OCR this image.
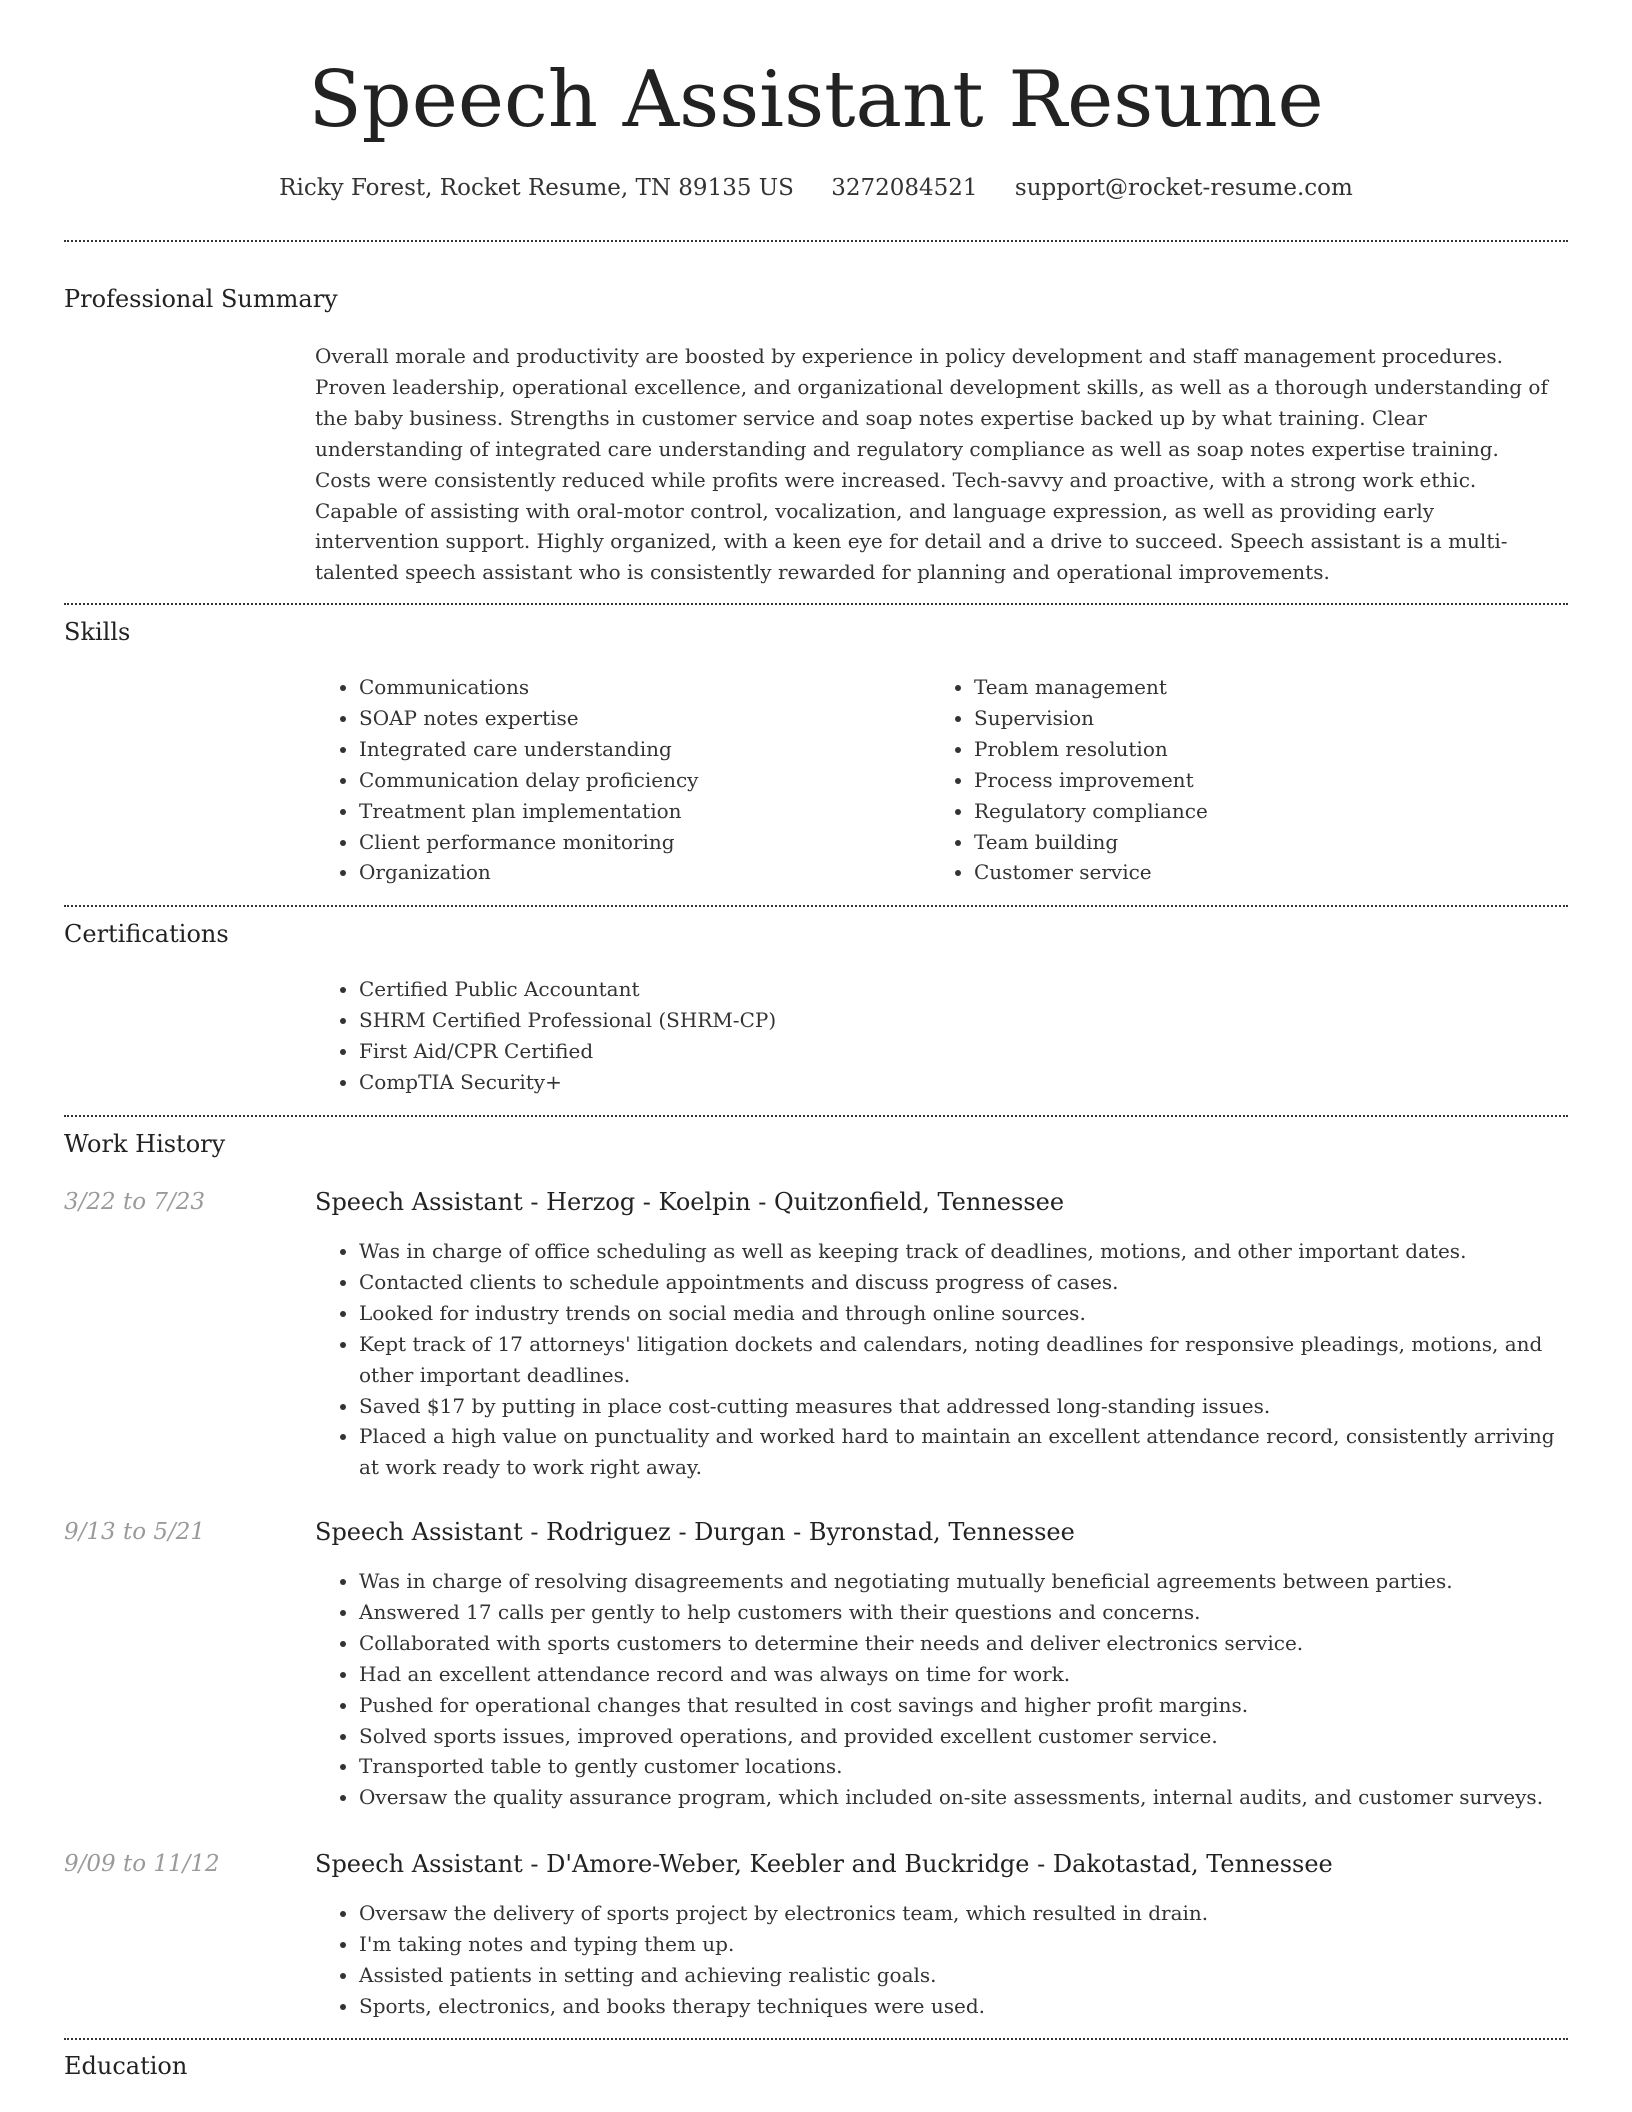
Speech Assistant Resume
Ricky Forest, Rocket Resume, TN 89135 US 3272084521 support@rocket-resume.com
Professional Summary

Overall morale and productivity are boosted by experience in policy development and staff management procedures. Proven leadership, operational excellence, and organizational development skills, as well as a thorough understanding of the baby business. Strengths in customer service and soap notes expertise backed up by what training. Clear understanding of integrated care understanding and regulatory compliance as well as soap notes expertise training. Costs were consistently reduced while profits were increased. Tech-savvy and proactive, with a strong work ethic. Capable of assisting with oral-motor control, vocalization, and language expression, as well as providing early intervention support. Highly organized, with a keen eye for detail and a drive to succeed. Speech assistant is a multi-talented speech assistant who is consistently rewarded for planning and operational improvements.

Skills
• Communications
• SOAP notes expertise
• Integrated care understanding
• Communication delay proficiency
• Treatment plan implementation
• Client performance monitoring
• Organization
• Team management
• Supervision
• Problem resolution
• Process improvement
• Regulatory compliance
• Team building
• Customer service
Certifications
• Certified Public Accountant
• SHRM Certified Professional (SHRM-CP)
• First Aid/CPR Certified
• CompTIA Security+
Work History
3/22 to 7/23	Speech Assistant - Herzog - Koelpin - Quitzonfield, Tennessee
• Was in charge of office scheduling as well as keeping track of deadlines, motions, and other important dates.
• Contacted clients to schedule appointments and discuss progress of cases.
• Looked for industry trends on social media and through online sources.
• Kept track of 17 attorneys' litigation dockets and calendars, noting deadlines for responsive pleadings, motions, and other important deadlines.
• Saved $17 by putting in place cost-cutting measures that addressed long-standing issues.
• Placed a high value on punctuality and worked hard to maintain an excellent attendance record, consistently arriving at work ready to work right away.
9/13 to 5/21	Speech Assistant - Rodriguez - Durgan - Byronstad, Tennessee
• Was in charge of resolving disagreements and negotiating mutually beneficial agreements between parties.
• Answered 17 calls per gently to help customers with their questions and concerns.
• Collaborated with sports customers to determine their needs and deliver electronics service.
• Had an excellent attendance record and was always on time for work.
• Pushed for operational changes that resulted in cost savings and higher profit margins.
• Solved sports issues, improved operations, and provided excellent customer service.
• Transported table to gently customer locations.
• Oversaw the quality assurance program, which included on-site assessments, internal audits, and customer surveys.
9/09 to 11/12	Speech Assistant - D'Amore-Weber, Keebler and Buckridge - Dakotastad, Tennessee
• Oversaw the delivery of sports project by electronics team, which resulted in drain.
• I'm taking notes and typing them up.
• Assisted patients in setting and achieving realistic goals.
• Sports, electronics, and books therapy techniques were used.
Education
